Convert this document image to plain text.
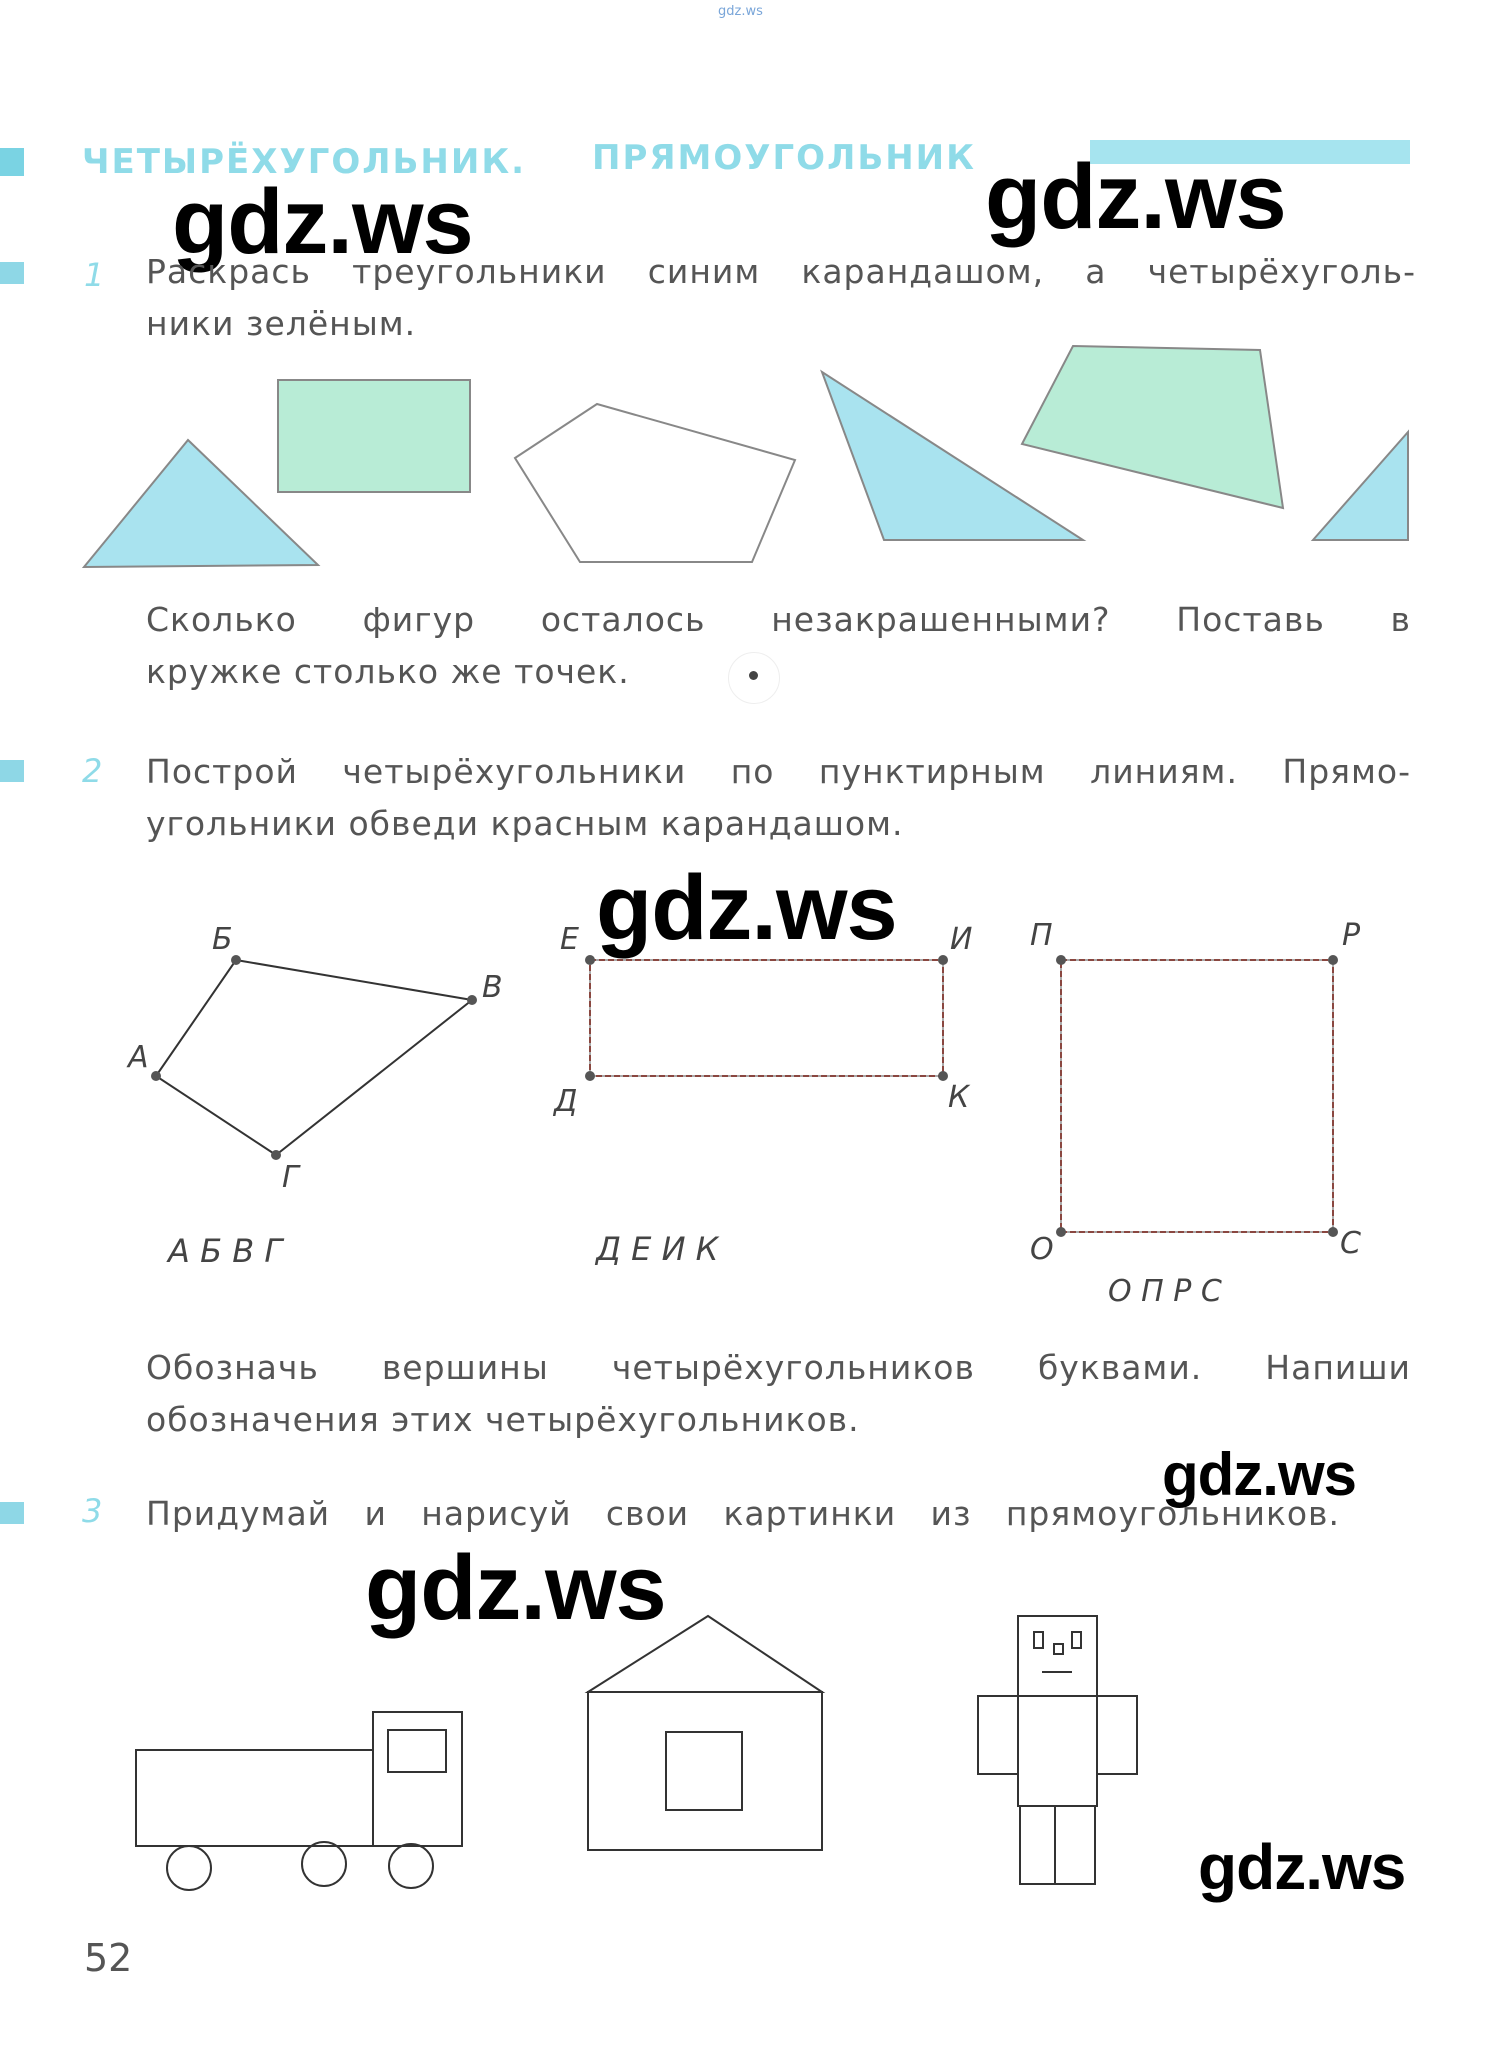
gdz.ws
ЧЕТЫРЁХУГОЛЬНИК. ПРЯМОУГОЛЬНИК
gdz.ws	gdz.ws
gdz.ws
gdz.ws
gdz.ws
gdz.ws
1 Раскрась треугольники синим карандашом, а четырёхуголь-
ники зелёным.
Сколько фигур осталось незакрашенными? Поставь в
кружке столько же точек.
2 Построй четырёхугольники по пунктирным линиям. Прямо-
угольники обведи красным карандашом.
А
Б
В
Г
Е	И
Д	К
П	Р
О	С
А Б В Г	Д Е И К
О П Р С
Обозначь вершины четырёхугольников буквами. Напиши
обозначения этих четырёхугольников.
3 Придумай и нарисуй свои картинки из прямоугольников.
52
